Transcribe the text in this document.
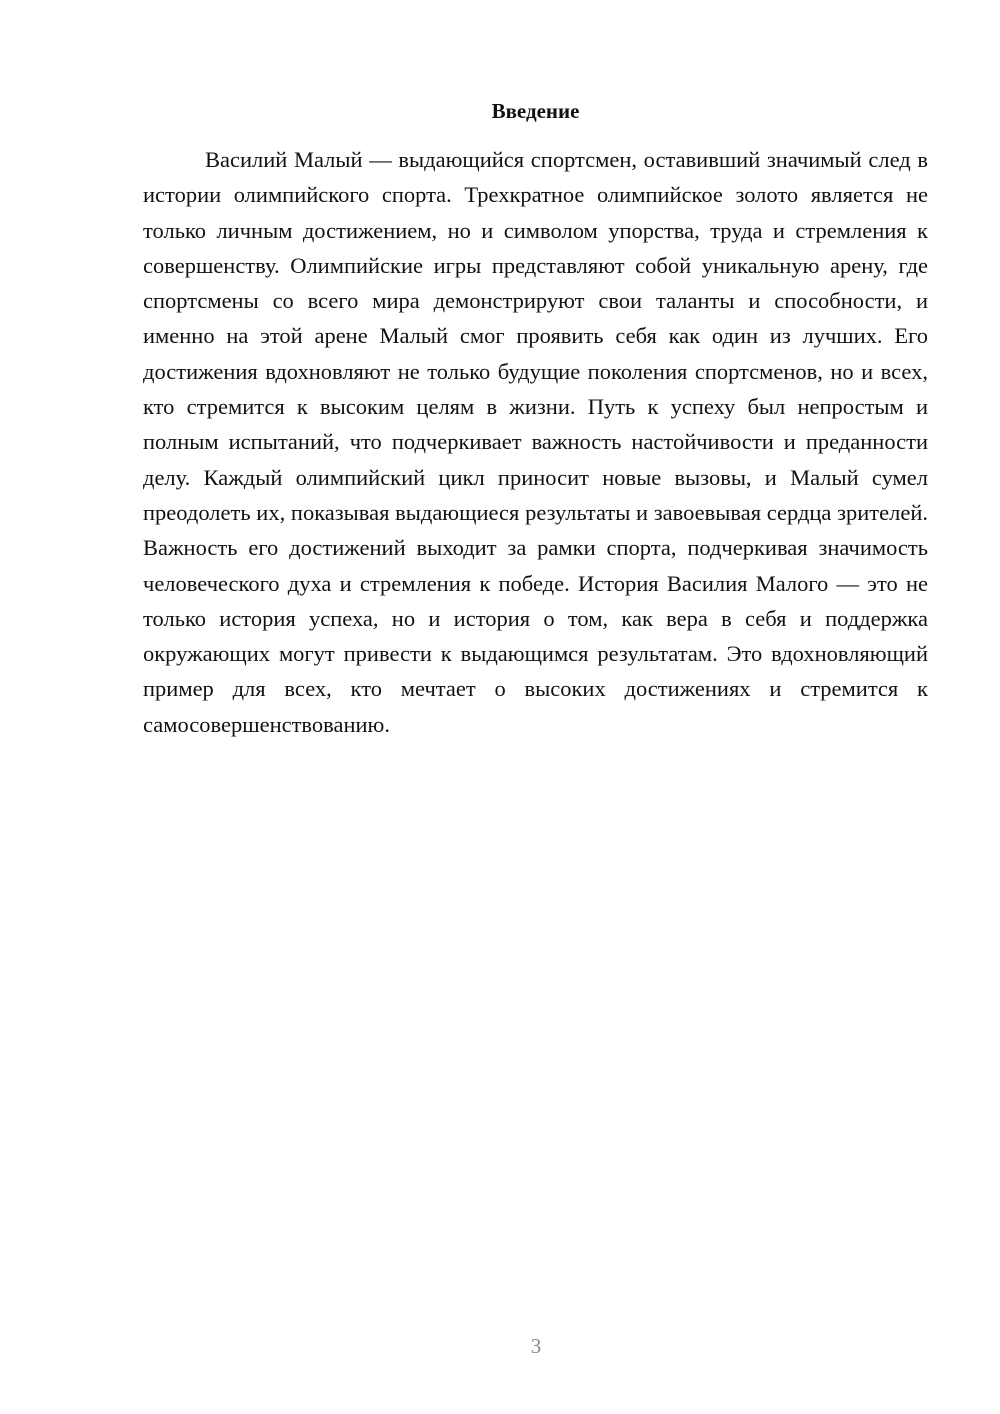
Введение

Василий Малый — выдающийся спортсмен, оставивший значимый след в истории олимпийского спорта. Трехкратное олимпийское золото является не только личным достижением, но и символом упорства, труда и стремления к совершенству. Олимпийские игры представляют собой уникальную арену, где спортсмены со всего мира демонстрируют свои таланты и способности, и именно на этой арене Малый смог проявить себя как один из лучших. Его достижения вдохновляют не только будущие поколения спортсменов, но и всех, кто стремится к высоким целям в жизни. Путь к успеху был непростым и полным испытаний, что подчеркивает важность настойчивости и преданности делу. Каждый олимпийский цикл приносит новые вызовы, и Малый сумел преодолеть их, показывая выдающиеся результаты и завоевывая сердца зрителей. Важность его достижений выходит за рамки спорта, подчеркивая значимость человеческого духа и стремления к победе. История Василия Малого — это не только история успеха, но и история о том, как вера в себя и поддержка окружающих могут привести к выдающимся результатам. Это вдохновляющий пример для всех, кто мечтает о высоких достижениях и стремится к самосовершенствованию.

3
